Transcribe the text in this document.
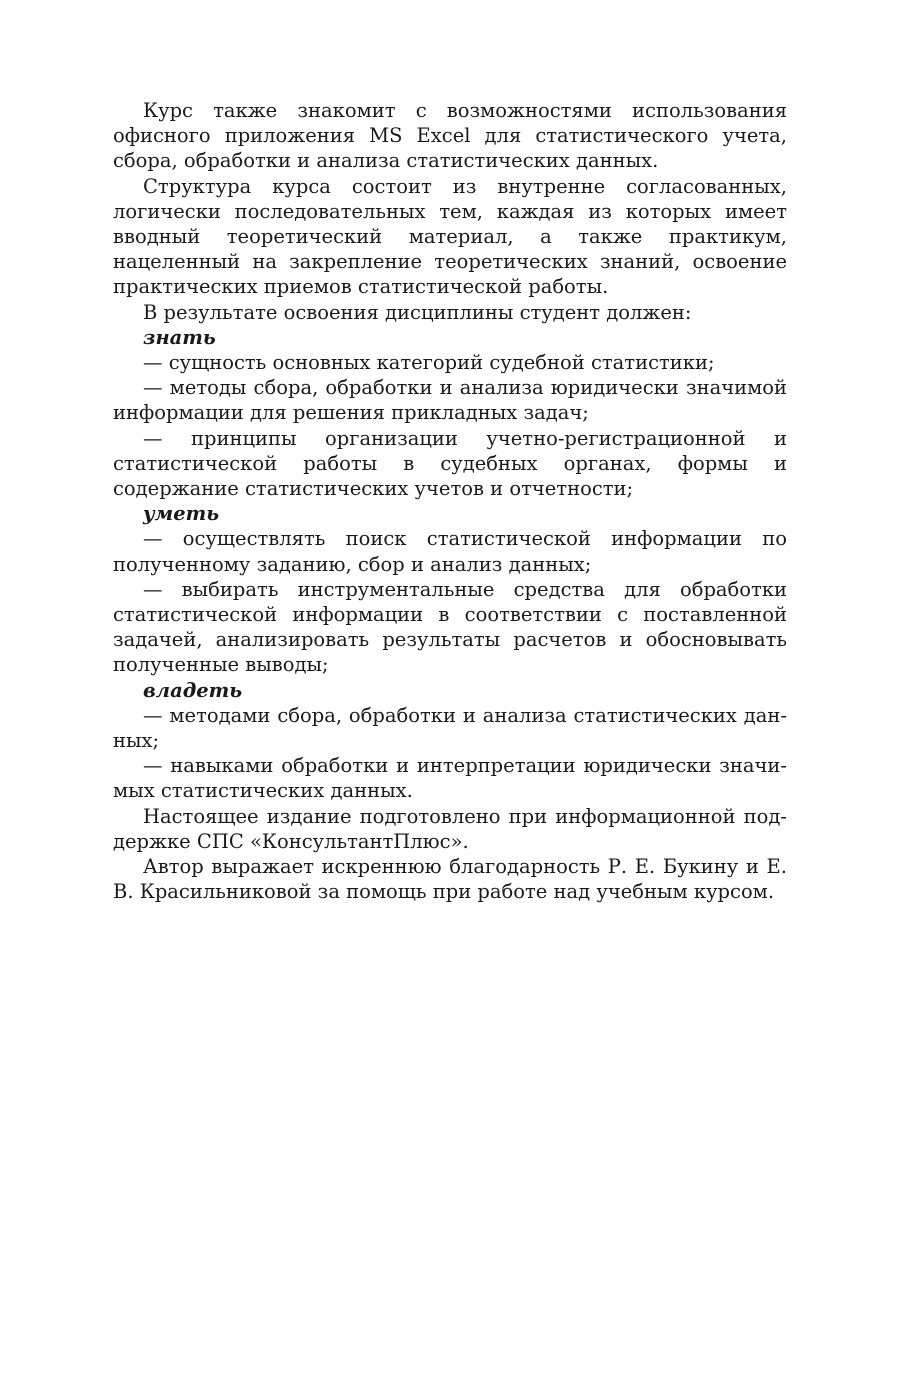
Курс также знакомит с возможностями использования офисного приложения MS Excel для статистического учета, сбора, обработки и анализа статистических данных.

Структура курса состоит из внутренне согласованных, логически последовательных тем, каждая из которых имеет вводный теоретический материал, а также практикум, нацеленный на закрепление теоретических знаний, освоение практических приемов статистической работы.

В результате освоения дисциплины студент должен:

знать

— сущность основных категорий судебной статистики;

— методы сбора, обработки и анализа юридически значимой информации для решения прикладных задач;

— принципы организации учетно-регистрационной и статистической работы в судебных органах, формы и содержание статистических учетов и отчетности;

уметь

— осуществлять поиск статистической информации по полученному заданию, сбор и анализ данных;

— выбирать инструментальные средства для обработки статистической информации в соответствии с поставленной задачей, анализировать результаты расчетов и обосновывать полученные выводы;

владеть

— методами сбора, обработки и анализа статистических данных;

— навыками обработки и интерпретации юридически значимых статистических данных.

Настоящее издание подготовлено при информационной поддержке СПС «КонсультантПлюс».

Автор выражает искреннюю благодарность Р. Е. Букину и Е. В. Красильниковой за помощь при работе над учебным курсом.
